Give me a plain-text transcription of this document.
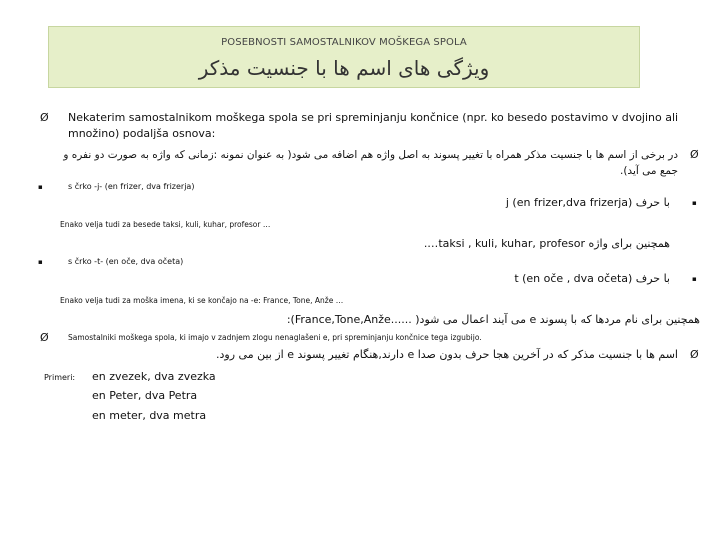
POSEBNOSTI SAMOSTALNIKOV MOŠKEGA SPOLA
ویژگی های اسم ها با جنسیت مذکر
Ø Nekaterim samostalnikom moškega spola se pri spreminjanju končnice (npr. ko besedo postavimo v dvojino ali
množino) podaljša osnova:
در برخی از اسم ها با جنسیت مذکر همراه با تغییر پسوند به اصل واژه هم اضافه می شود( به عنوان نمونه :زمانی که واژه به صورت دو نفره و
جمع می آید).
Ø
▪	s črko -j- (en frizer, dva frizerja)
با حرف j (en frizer,dva frizerja)	▪
Enako velja tudi za besede taksi, kuli, kuhar, profesor …
همچنین برای واژه taksi , kuli, kuhar, profesor….
▪	s črko -t- (en oče, dva očeta)
با حرف t (en oče , dva očeta)	▪
Enako velja tudi za moška imena, ki se končajo na -e: France, Tone, Anže …
همچنین برای نام مردها که با پسوند e می آیند اعمال می شود( ......France,Tone,Anže):
Ø	Samostalniki moškega spola, ki imajo v zadnjem zlogu nenaglašeni e, pri spreminjanju končnice tega izgubijo.
اسم ها با جنسیت مذکر که در آخرین هجا حرف بدون صدا e دارند,هنگام تغییر پسوند e از بین می رود. Ø
Primeri: en zvezek, dva zvezka
en Peter, dva Petra
en meter, dva metra
